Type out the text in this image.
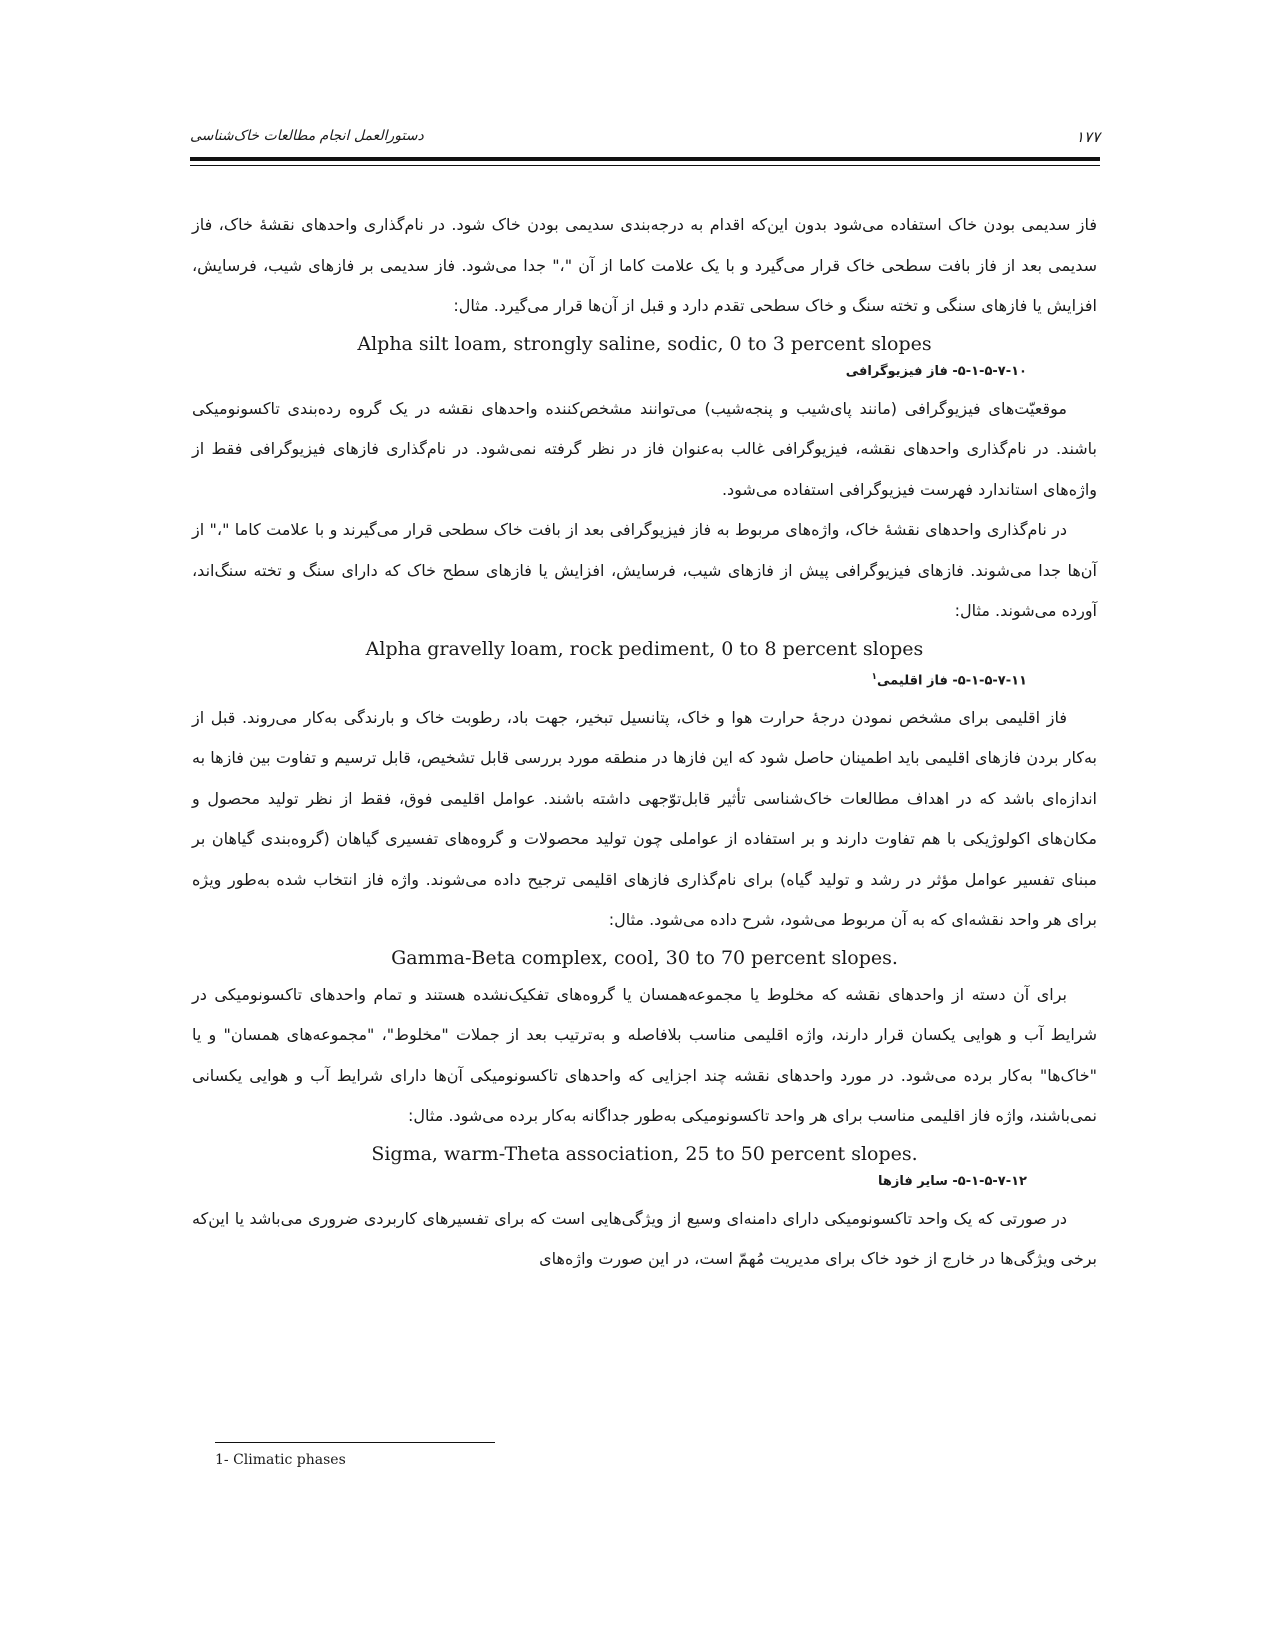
۱۷۷
دستورالعمل انجام مطالعات خاک‌شناسی

فاز سدیمی بودن خاک استفاده می‌شود بدون این‌که اقدام به درجه‌بندی سدیمی بودن خاک شود. در نام‌گذاری واحدهای نقشهٔ خاک، فاز سدیمی بعد از فاز بافت سطحی خاک قرار می‌گیرد و با یک علامت کاما از آن "،" جدا می‌شود. فاز سدیمی بر فازهای شیب، فرسایش، افزایش یا فازهای سنگی و تخته سنگ و خاک سطحی تقدم دارد و قبل از آن‌ها قرار می‌گیرد. مثال:

Alpha silt loam, strongly saline, sodic, 0 to 3 percent slopes

۵-۱-۵-۷-۱۰- فاز فیزیوگرافی

موقعیّت‌های فیزیوگرافی (مانند پای‌شیب و پنجه‌شیب) می‌توانند مشخص‌کننده واحدهای نقشه در یک گروه رده‌بندی تاکسونومیکی باشند. در نام‌گذاری واحدهای نقشه، فیزیوگرافی غالب به‌عنوان فاز در نظر گرفته نمی‌شود. در نام‌گذاری فازهای فیزیوگرافی فقط از واژه‌های استاندارد فهرست فیزیوگرافی استفاده می‌شود.

در نام‌گذاری واحدهای نقشهٔ خاک، واژه‌های مربوط به فاز فیزیوگرافی بعد از بافت خاک سطحی قرار می‌گیرند و با علامت کاما "،" از آن‌ها جدا می‌شوند. فازهای فیزیوگرافی پیش از فازهای شیب، فرسایش، افزایش یا فازهای سطح خاک که دارای سنگ و تخته سنگ‌اند، آورده می‌شوند. مثال:

Alpha gravelly loam, rock pediment, 0 to 8 percent slopes

۵-۱-۵-۷-۱۱- فاز اقلیمی$^۱$

فاز اقلیمی برای مشخص نمودن درجهٔ حرارت هوا و خاک، پتانسیل تبخیر، جهت باد، رطوبت خاک و بارندگی به‌کار می‌روند. قبل از به‌کار بردن فازهای اقلیمی باید اطمینان حاصل شود که این فازها در منطقه مورد بررسی قابل تشخیص، قابل ترسیم و تفاوت بین فازها به اندازه‌ای باشد که در اهداف مطالعات خاک‌شناسی تأثیر قابل‌توّجهی داشته باشند. عوامل اقلیمی فوق، فقط از نظر تولید محصول و مکان‌های اکولوژیکی با هم تفاوت دارند و بر استفاده از عواملی چون تولید محصولات و گروه‌های تفسیری گیاهان (گروه‌بندی گیاهان بر مبنای تفسیر عوامل مؤثر در رشد و تولید گیاه) برای نام‌گذاری فازهای اقلیمی ترجیح داده می‌شوند. واژه فاز انتخاب شده به‌طور ویژه برای هر واحد نقشه‌ای که به آن مربوط می‌شود، شرح داده می‌شود. مثال:

Gamma-Beta complex, cool, 30 to 70 percent slopes.

برای آن دسته از واحدهای نقشه که مخلوط یا مجموعه‌همسان یا گروه‌های تفکیک‌نشده هستند و تمام واحدهای تاکسونومیکی در شرایط آب و هوایی یکسان قرار دارند، واژه اقلیمی مناسب بلافاصله و به‌ترتیب بعد از جملات "مخلوط"، "مجموعه‌های همسان" و یا "خاک‌ها" به‌کار برده می‌شود. در مورد واحدهای نقشه چند اجزایی که واحدهای تاکسونومیکی آن‌ها دارای شرایط آب و هوایی یکسانی نمی‌باشند، واژه فاز اقلیمی مناسب برای هر واحد تاکسونومیکی به‌طور جداگانه به‌کار برده می‌شود. مثال:

Sigma, warm-Theta association, 25 to 50 percent slopes.

۵-۱-۵-۷-۱۲- سایر فازها

در صورتی که یک واحد تاکسونومیکی دارای دامنه‌ای وسیع از ویژگی‌هایی است که برای تفسیرهای کاربردی ضروری می‌باشد یا این‌که برخی ویژگی‌ها در خارج از خود خاک برای مدیریت مُهمّ است، در این صورت واژه‌های

1- Climatic phases
